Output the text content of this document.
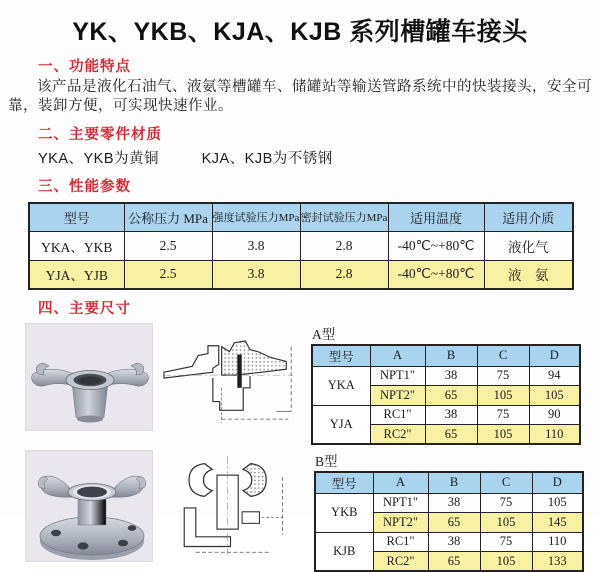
YK、YKB、KJA、KJB 系列槽罐车接头
一、功能特点

该产品是液化石油气、液氨等槽罐车、储罐站等输送管路系统中的快装接头，安全可靠，装卸方便，可实现快速作业。

二、主要零件材质

YKA、YKB为黄铜	KJA、KJB为不锈钢

三、性能参数
型号	公称压力 MPa	强度试验压力MPa	密封试验压力MPa	适用温度	适用介质
YKA、YKB	2.5	3.8	2.8	-40℃~+80℃	液化气
YJA、YJB	2.5	3.8	2.8	-40℃~+80℃	液　氨
四、主要尺寸
A型
型号	A	B	C	D
YKA	NPT1"	38	75	94
	NPT2"	65	105	105
YJA	RC1"	38	75	90
	RC2"	65	105	110
B型
型号	A	B	C	D
YKB	NPT1"	38	75	105
	NPT2"	65	105	145
KJB	RC1"	38	75	110
	RC2"	65	105	133
